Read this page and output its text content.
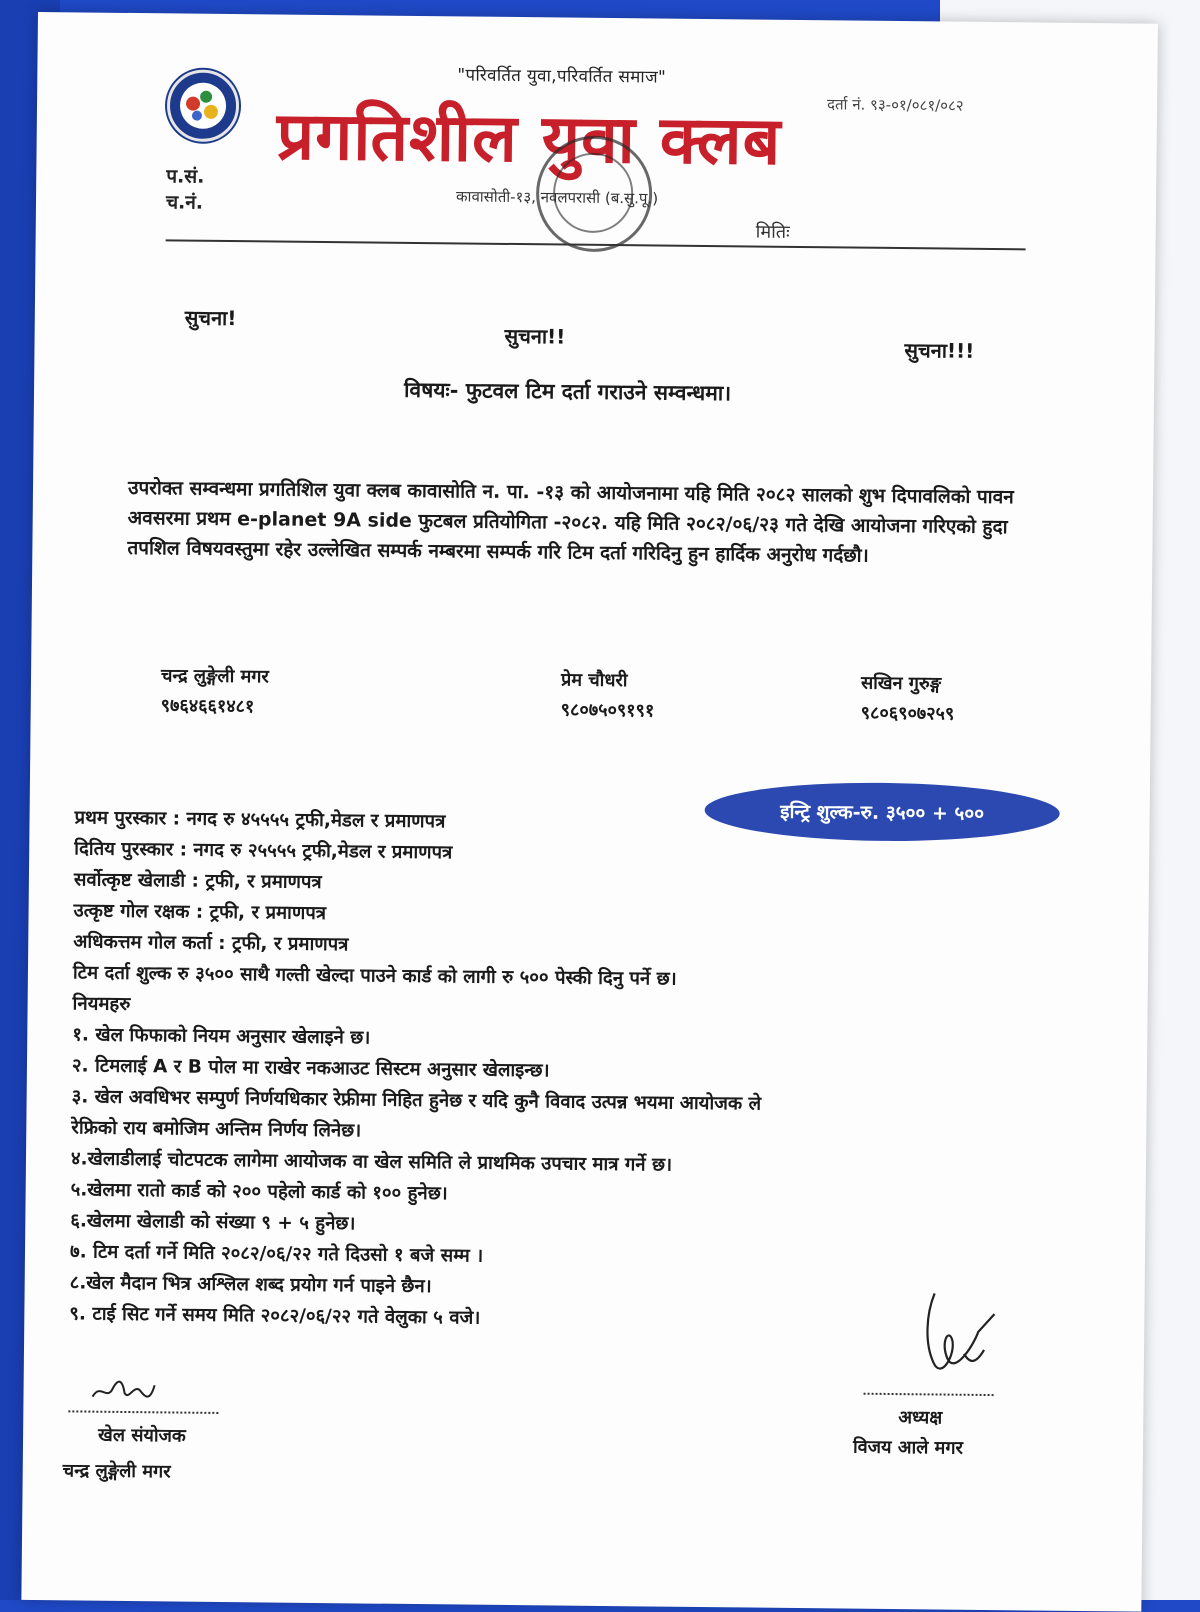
"परिवर्तित युवा,परिवर्तित समाज"
दर्ता नं. ९३-०१/०८१/०८२
प्रगतिशील युवा क्लब
प.सं.
च.नं.	कावासोती-१३, नवलपरासी (ब.सु.पू.)
मितिः
सुचना!
सुचना!!
सुचना!!!
विषयः- फुटवल टिम दर्ता गराउने सम्वन्धमा।
उपरोक्त सम्वन्धमा प्रगतिशिल युवा क्लब कावासोति न. पा. -१३ को आयोजनामा यहि मिति २०८२ सालको शुभ दिपावलिको पावन अवसरमा प्रथम e-planet 9A side फुटबल प्रतियोगिता -२०८२. यहि मिति २०८२/०६/२३ गते देखि आयोजना गरिएको हुदा तपशिल विषयवस्तुमा रहेर उल्लेखित सम्पर्क नम्बरमा सम्पर्क गरि टिम दर्ता गरिदिनु हुन हार्दिक अनुरोध गर्दछौ।
चन्द्र लुङ्गेली मगर
९७६४६६१४८१
प्रेम चौधरी
९८०७५०९१९१
सखिन गुरुङ्ग
९८०६९०७२५९
इन्ट्रि शुल्क-रु. ३५०० + ५००
प्रथम पुरस्कार : नगद रु ४५५५५ ट्रफी,मेडल र प्रमाणपत्र
दितिय पुरस्कार : नगद रु २५५५५ ट्रफी,मेडल र प्रमाणपत्र
सर्वोत्कृष्ट खेलाडी : ट्रफी, र प्रमाणपत्र
उत्कृष्ट गोल रक्षक : ट्रफी, र प्रमाणपत्र
अधिकत्तम गोल कर्ता : ट्रफी, र प्रमाणपत्र
टिम दर्ता शुल्क रु ३५०० साथै गल्ती खेल्दा पाउने कार्ड को लागी रु ५०० पेस्की दिनु पर्ने छ।
नियमहरु
१. खेल फिफाको नियम अनुसार खेलाइने छ।
२. टिमलाई A र B पोल मा राखेर नकआउट सिस्टम अनुसार खेलाइन्छ।
३. खेल अवधिभर सम्पुर्ण निर्णयधिकार रेफ्रीमा निहित हुनेछ र यदि कुनै विवाद उत्पन्न भयमा आयोजक ले
रेफ्रिको राय बमोजिम अन्तिम निर्णय लिनेछ।
४.खेलाडीलाई चोटपटक लागेमा आयोजक वा खेल समिति ले प्राथमिक उपचार मात्र गर्ने छ।
५.खेलमा रातो कार्ड को २०० पहेलो कार्ड को १०० हुनेछ।
६.खेलमा खेलाडी को संख्या ९ + ५ हुनेछ।
७. टिम दर्ता गर्ने मिति २०८२/०६/२२ गते दिउसो १ बजे सम्म ।
८.खेल मैदान भित्र अश्लिल शब्द प्रयोग गर्न पाइने छैन।
९. टाई सिट गर्ने समय मिति २०८२/०६/२२ गते वेलुका ५ वजे।
खेल संयोजक
चन्द्र लुङ्गेली मगर
अध्यक्ष
विजय आले मगर
